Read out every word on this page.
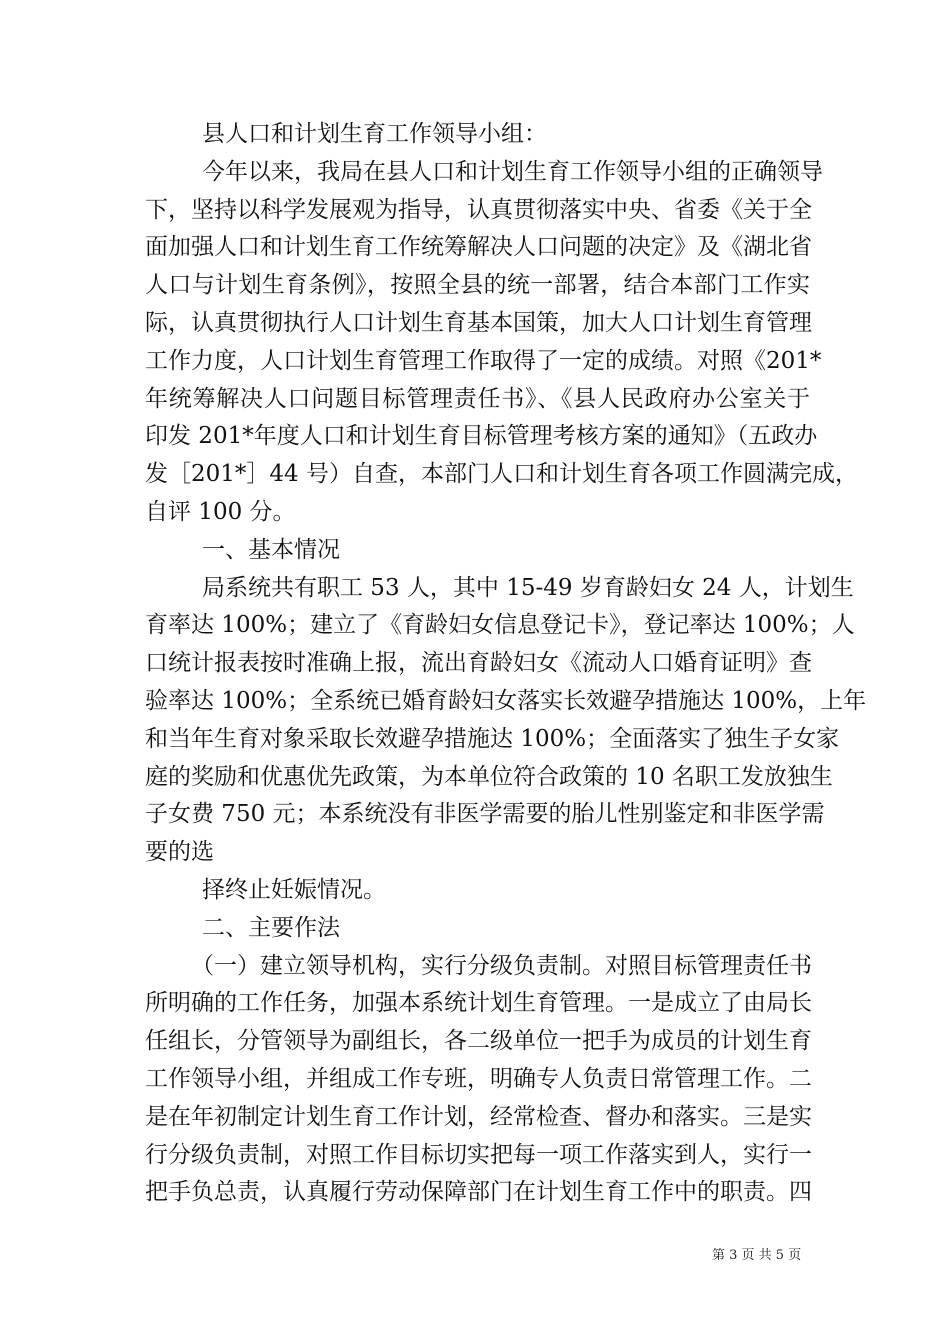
县人口和计划生育工作领导小组：
今年以来，我局在县人口和计划生育工作领导小组的正确领导
下，坚持以科学发展观为指导，认真贯彻落实中央、省委《关于全
面加强人口和计划生育工作统筹解决人口问题的决定》及《湖北省
人口与计划生育条例》，按照全县的统一部署，结合本部门工作实
际，认真贯彻执行人口计划生育基本国策，加大人口计划生育管理
工作力度，人口计划生育管理工作取得了一定的成绩。对照《201*
年统筹解决人口问题目标管理责任书》、《县人民政府办公室关于
印发 201*年度人口和计划生育目标管理考核方案的通知》（五政办
发［201*］44 号）自查，本部门人口和计划生育各项工作圆满完成，
自评 100 分。
一、基本情况
局系统共有职工 53 人，其中 15-49 岁育龄妇女 24 人，计划生
育率达 100%；建立了《育龄妇女信息登记卡》，登记率达 100%；人
口统计报表按时准确上报，流出育龄妇女《流动人口婚育证明》查
验率达 100%；全系统已婚育龄妇女落实长效避孕措施达 100%，上年
和当年生育对象采取长效避孕措施达 100%；全面落实了独生子女家
庭的奖励和优惠优先政策，为本单位符合政策的 10 名职工发放独生
子女费 750 元；本系统没有非医学需要的胎儿性别鉴定和非医学需
要的选
择终止妊娠情况。
二、主要作法
（一）建立领导机构，实行分级负责制。对照目标管理责任书
所明确的工作任务，加强本系统计划生育管理。一是成立了由局长
任组长，分管领导为副组长，各二级单位一把手为成员的计划生育
工作领导小组，并组成工作专班，明确专人负责日常管理工作。二
是在年初制定计划生育工作计划，经常检查、督办和落实。三是实
行分级负责制，对照工作目标切实把每一项工作落实到人，实行一
把手负总责，认真履行劳动保障部门在计划生育工作中的职责。四
第 3 页 共 5 页
